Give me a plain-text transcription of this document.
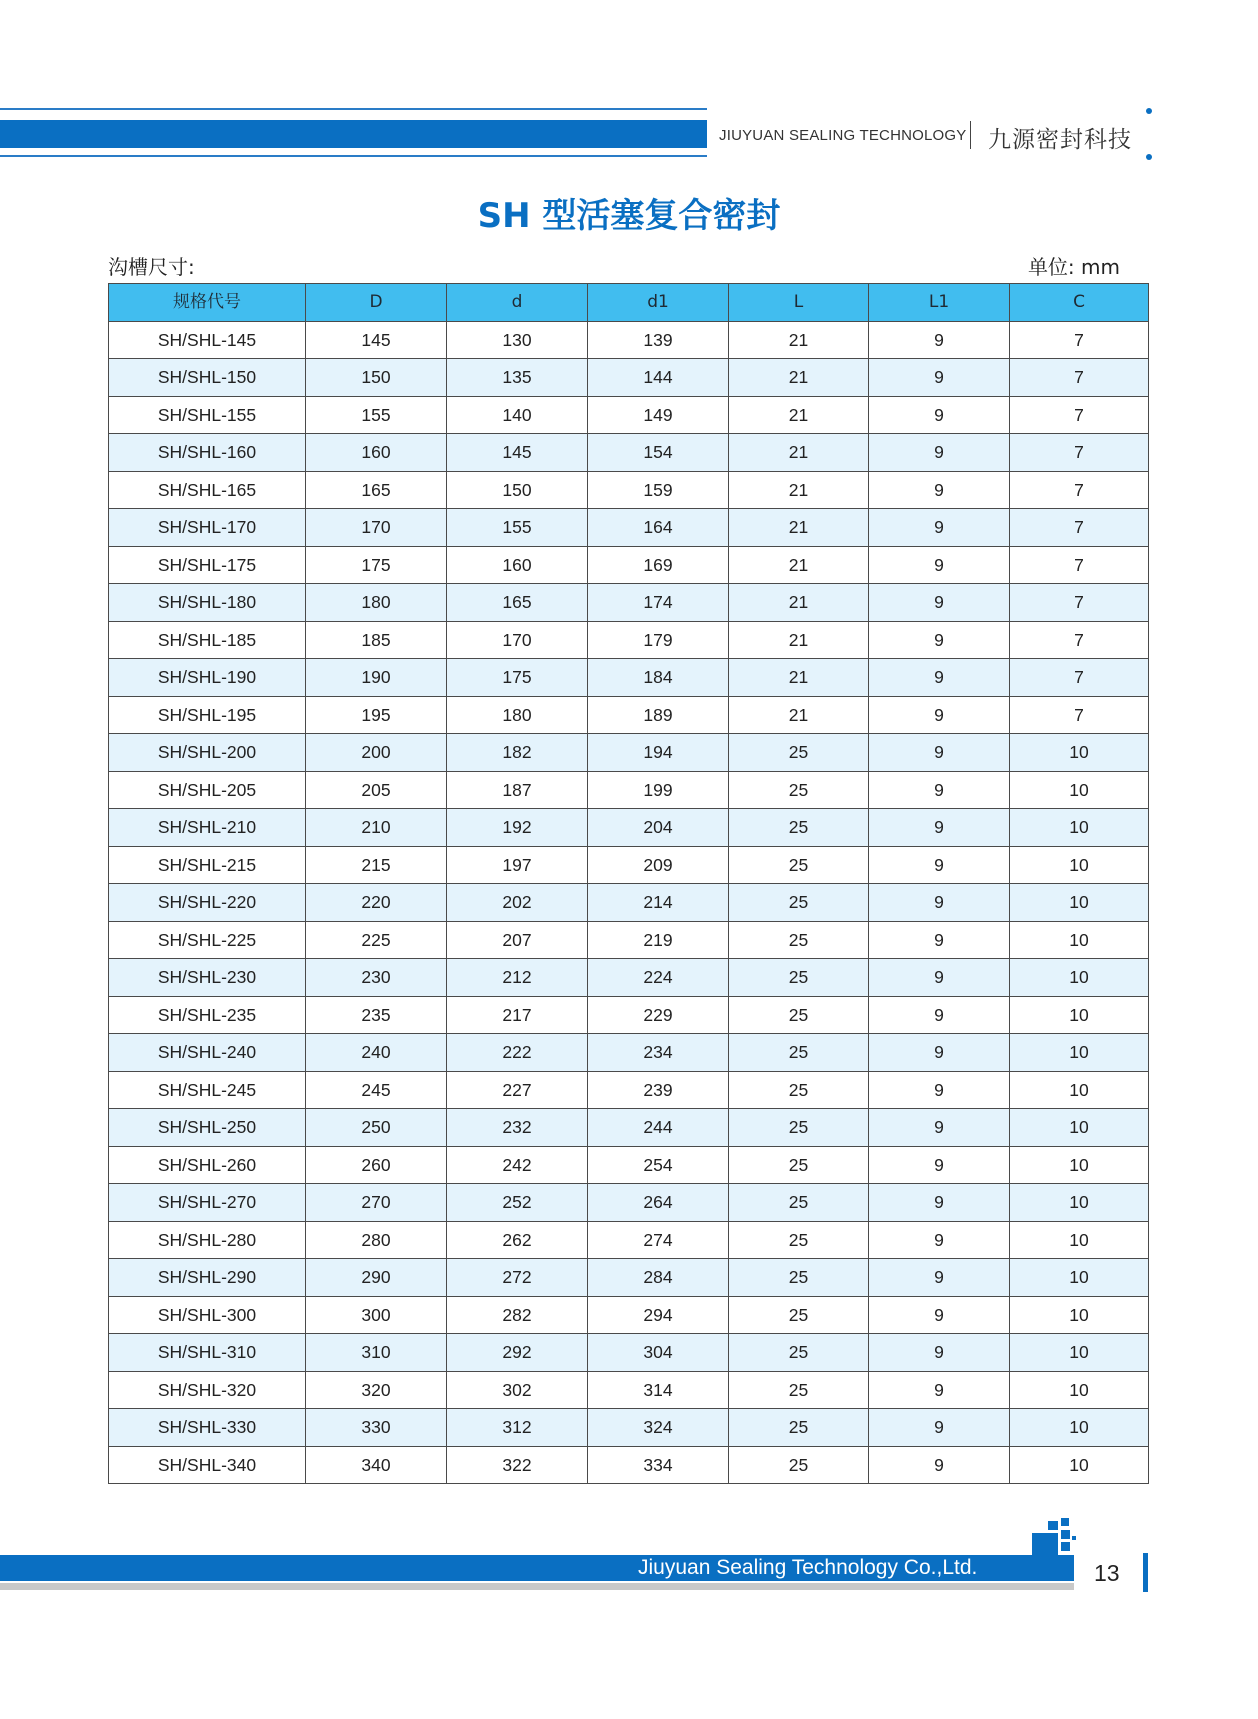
JIUYUAN SEALING TECHNOLOGY 九源密封科技
SH 型活塞复合密封
沟槽尺寸:	单位: mm
规格代号	D	d	d1	L	L1	C
SH/SHL-145	145	130	139	21	9	7
SH/SHL-150	150	135	144	21	9	7
SH/SHL-155	155	140	149	21	9	7
SH/SHL-160	160	145	154	21	9	7
SH/SHL-165	165	150	159	21	9	7
SH/SHL-170	170	155	164	21	9	7
SH/SHL-175	175	160	169	21	9	7
SH/SHL-180	180	165	174	21	9	7
SH/SHL-185	185	170	179	21	9	7
SH/SHL-190	190	175	184	21	9	7
SH/SHL-195	195	180	189	21	9	7
SH/SHL-200	200	182	194	25	9	10
SH/SHL-205	205	187	199	25	9	10
SH/SHL-210	210	192	204	25	9	10
SH/SHL-215	215	197	209	25	9	10
SH/SHL-220	220	202	214	25	9	10
SH/SHL-225	225	207	219	25	9	10
SH/SHL-230	230	212	224	25	9	10
SH/SHL-235	235	217	229	25	9	10
SH/SHL-240	240	222	234	25	9	10
SH/SHL-245	245	227	239	25	9	10
SH/SHL-250	250	232	244	25	9	10
SH/SHL-260	260	242	254	25	9	10
SH/SHL-270	270	252	264	25	9	10
SH/SHL-280	280	262	274	25	9	10
SH/SHL-290	290	272	284	25	9	10
SH/SHL-300	300	282	294	25	9	10
SH/SHL-310	310	292	304	25	9	10
SH/SHL-320	320	302	314	25	9	10
SH/SHL-330	330	312	324	25	9	10
SH/SHL-340	340	322	334	25	9	10
Jiuyuan Sealing Technology Co.,Ltd.	13
